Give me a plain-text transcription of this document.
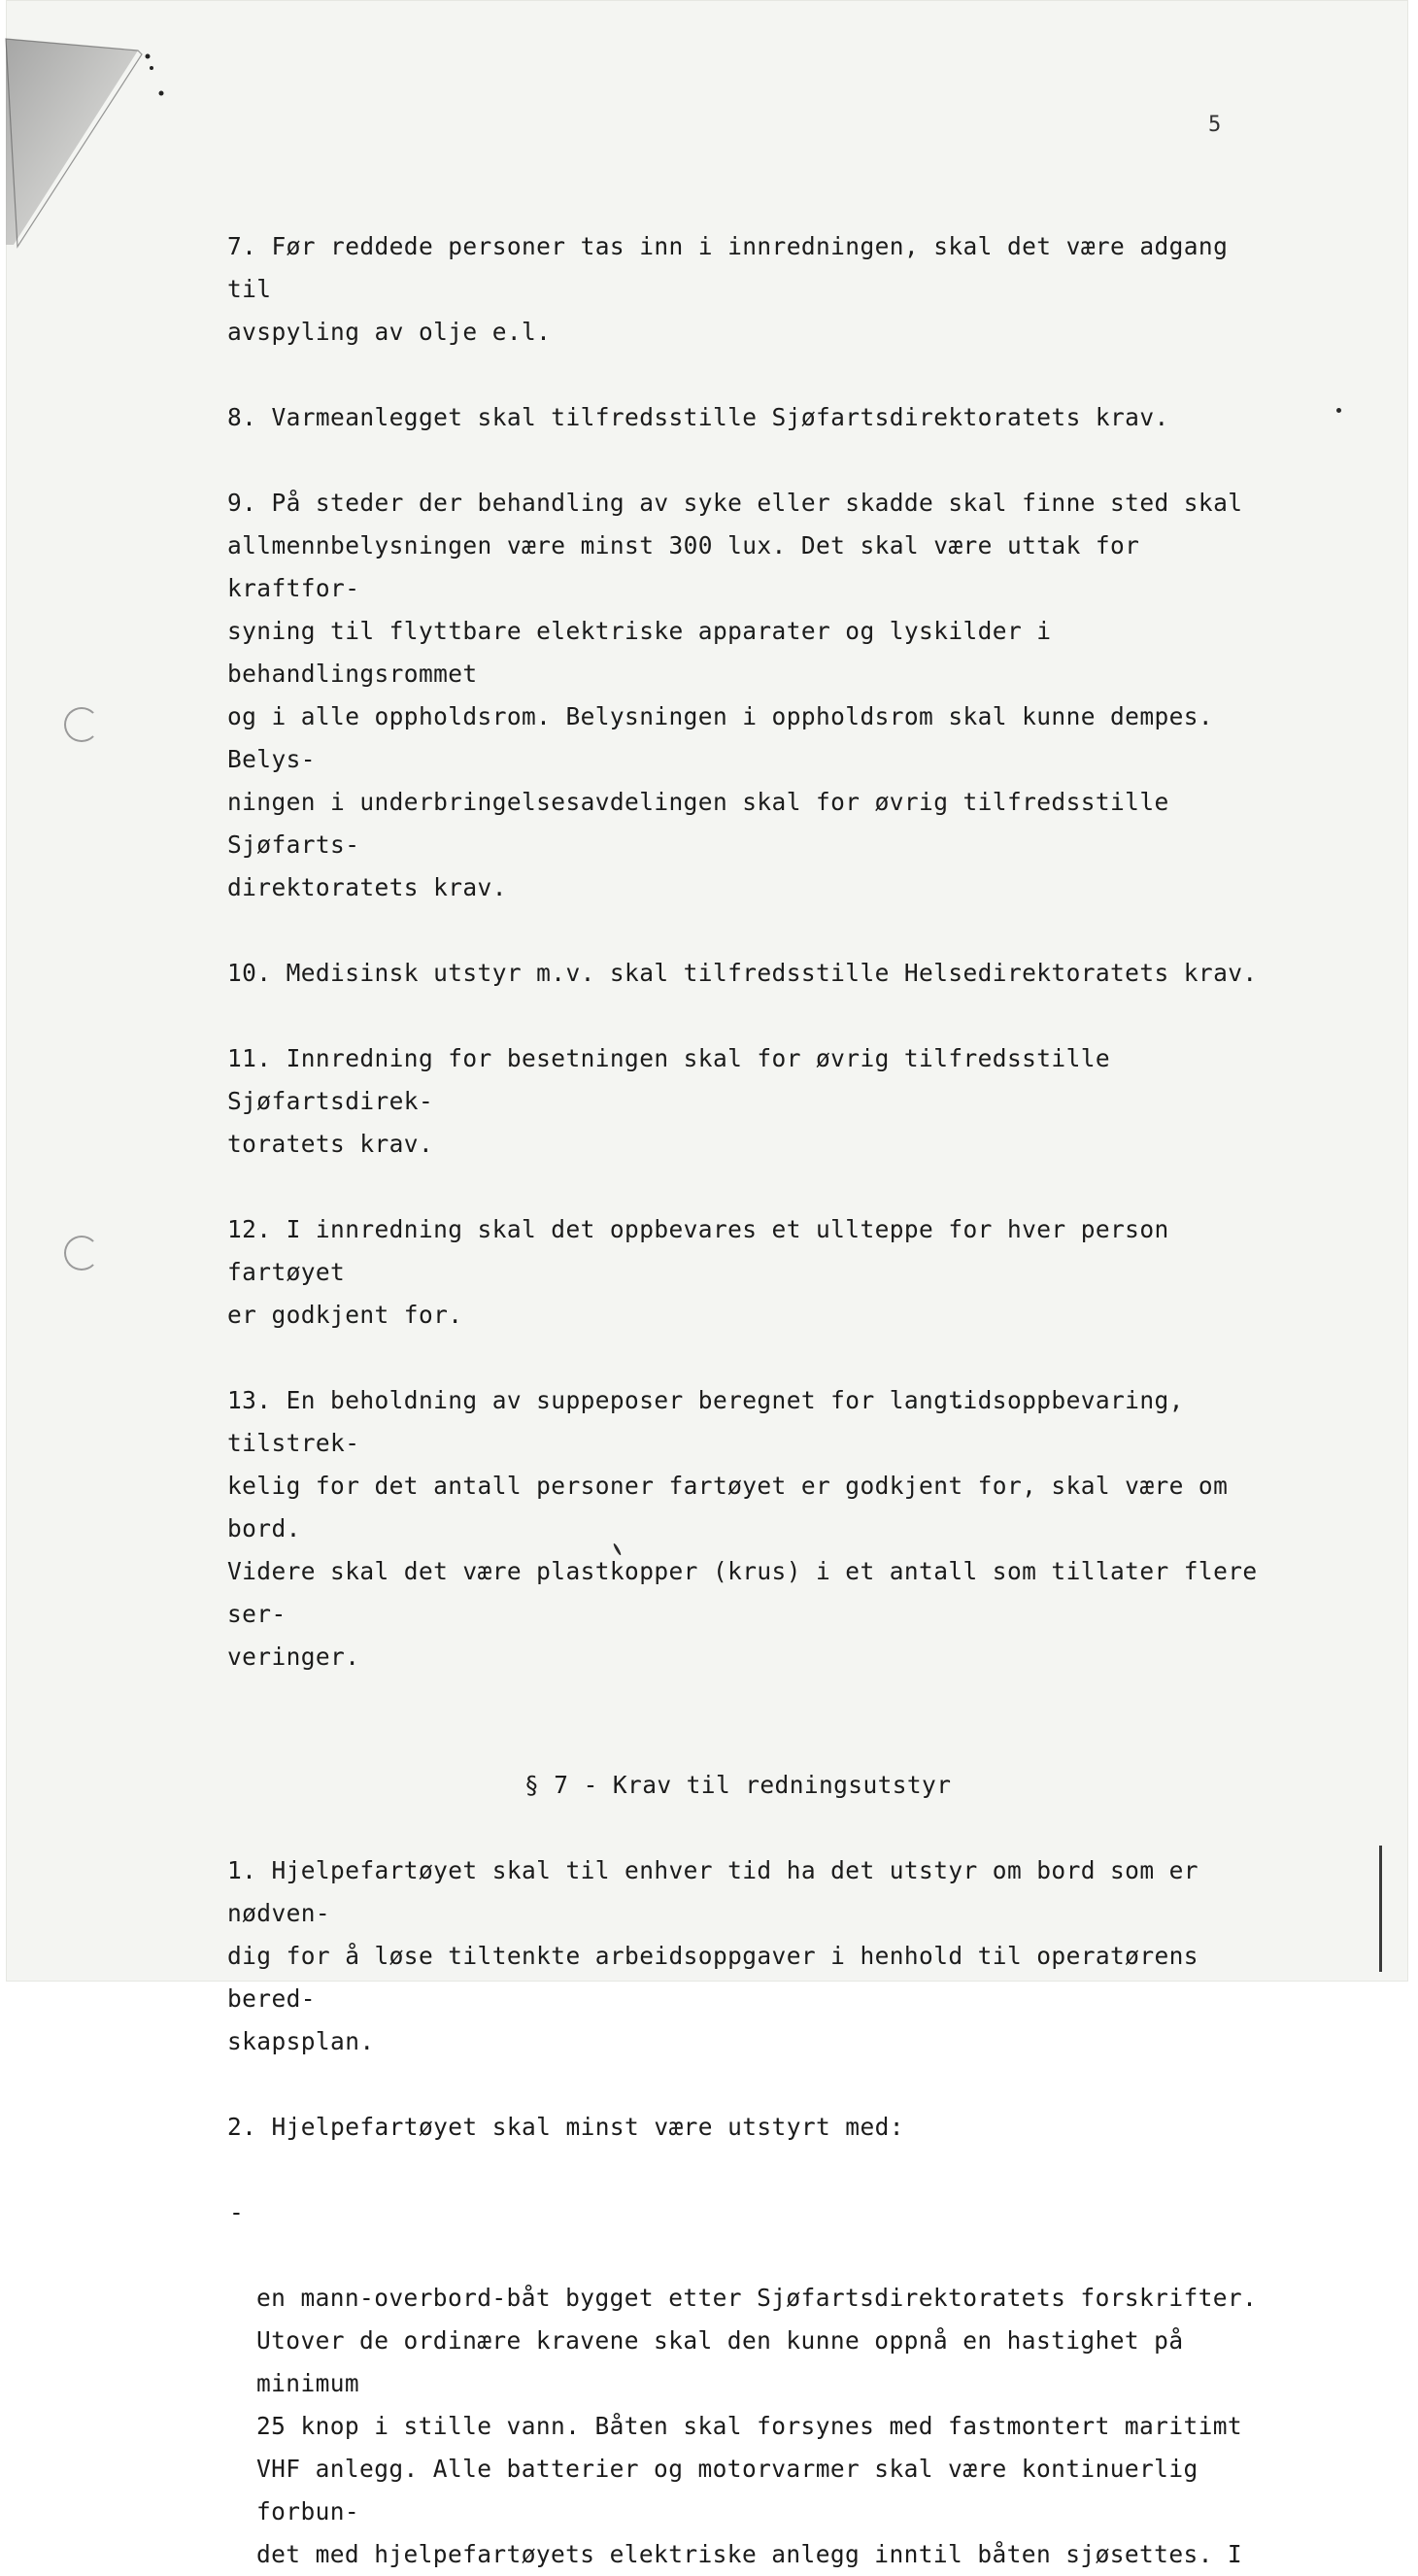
5

7. Før reddede personer tas inn i innredningen, skal det være adgang til
avspyling av olje e.l.

8. Varmeanlegget skal tilfredsstille Sjøfartsdirektoratets krav.

9. På steder der behandling av syke eller skadde skal finne sted skal
allmennbelysningen være minst 300 lux. Det skal være uttak for kraftfor-
syning til flyttbare elektriske apparater og lyskilder i behandlingsrommet
og i alle oppholdsrom. Belysningen i oppholdsrom skal kunne dempes. Belys-
ningen i underbringelsesavdelingen skal for øvrig tilfredsstille Sjøfarts-
direktoratets krav.

10. Medisinsk utstyr m.v. skal tilfredsstille Helsedirektoratets krav.

11. Innredning for besetningen skal for øvrig tilfredsstille Sjøfartsdirek-
toratets krav.

12. I innredning skal det oppbevares et ullteppe for hver person fartøyet
er godkjent for.

13. En beholdning av suppeposer beregnet for langtidsoppbevaring, tilstrek-
kelig for det antall personer fartøyet er godkjent for, skal være om bord.
Videre skal det være plastkopper (krus) i et antall som tillater flere ser-
veringer.

§ 7 - Krav til redningsutstyr

1. Hjelpefartøyet skal til enhver tid ha det utstyr om bord som er nødven-
dig for å løse tiltenkte arbeidsoppgaver i henhold til operatørens bered-
skapsplan.

2. Hjelpefartøyet skal minst være utstyrt med:

-

en mann-overbord-båt bygget etter Sjøfartsdirektoratets forskrifter.
Utover de ordinære kravene skal den kunne oppnå en hastighet på minimum
25 knop i stille vann. Båten skal forsynes med fastmontert maritimt
VHF anlegg. Alle batterier og motorvarmer skal være kontinuerlig forbun-
det med hjelpefartøyets elektriske anlegg inntil båten sjøsettes. I
